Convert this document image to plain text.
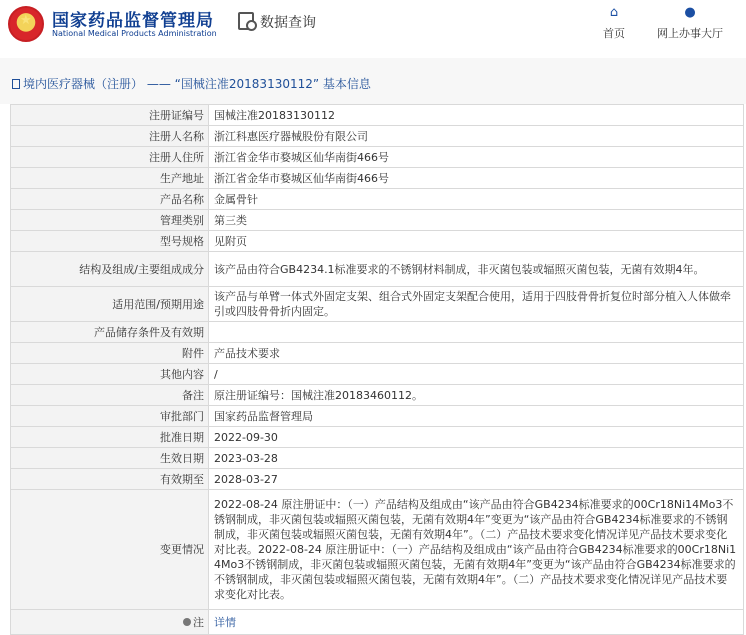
★ 国家药品监督管理局
National Medical Products Administration
数据查询
⌂
首页
●
网上办事大厅
境内医疗器械（注册） —— “国械注准20183130112” 基本信息
注册证编号	国械注准20183130112
注册人名称	浙江科惠医疗器械股份有限公司
注册人住所	浙江省金华市婺城区仙华南街466号
生产地址	浙江省金华市婺城区仙华南街466号
产品名称	金属骨针
管理类别	第三类
型号规格	见附页
结构及组成/主要组成成分	该产品由符合GB4234.1标准要求的不锈钢材料制成，非灭菌包装或辐照灭菌包装，无菌有效期4年。
适用范围/预期用途	该产品与单臂一体式外固定支架、组合式外固定支架配合使用，适用于四肢骨骨折复位时部分植入人体做牵引或四肢骨骨折内固定。
产品储存条件及有效期	
附件	产品技术要求
其他内容	/
备注	原注册证编号：国械注准20183460112。
审批部门	国家药品监督管理局
批准日期	2022-09-30
生效日期	2023-03-28
有效期至	2028-03-27
变更情况	2022-08-24 原注册证中：（一）产品结构及组成由“该产品由符合GB4234标准要求的00Cr18Ni14Mo3不锈钢制成，非灭菌包装或辐照灭菌包装，无菌有效期4年”变更为“该产品由符合GB4234标准要求的不锈钢制成，非灭菌包装或辐照灭菌包装，无菌有效期4年”。（二）产品技术要求变化情况详见产品技术要求变化对比表。2022-08-24 原注册证中：（一）产品结构及组成由“该产品由符合GB4234标准要求的00Cr18Ni14Mo3不锈钢制成，非灭菌包装或辐照灭菌包装，无菌有效期4年”变更为“该产品由符合GB4234标准要求的不锈钢制成，非灭菌包装或辐照灭菌包装，无菌有效期4年”。（二）产品技术要求变化情况详见产品技术要求变化对比表。
注	详情
